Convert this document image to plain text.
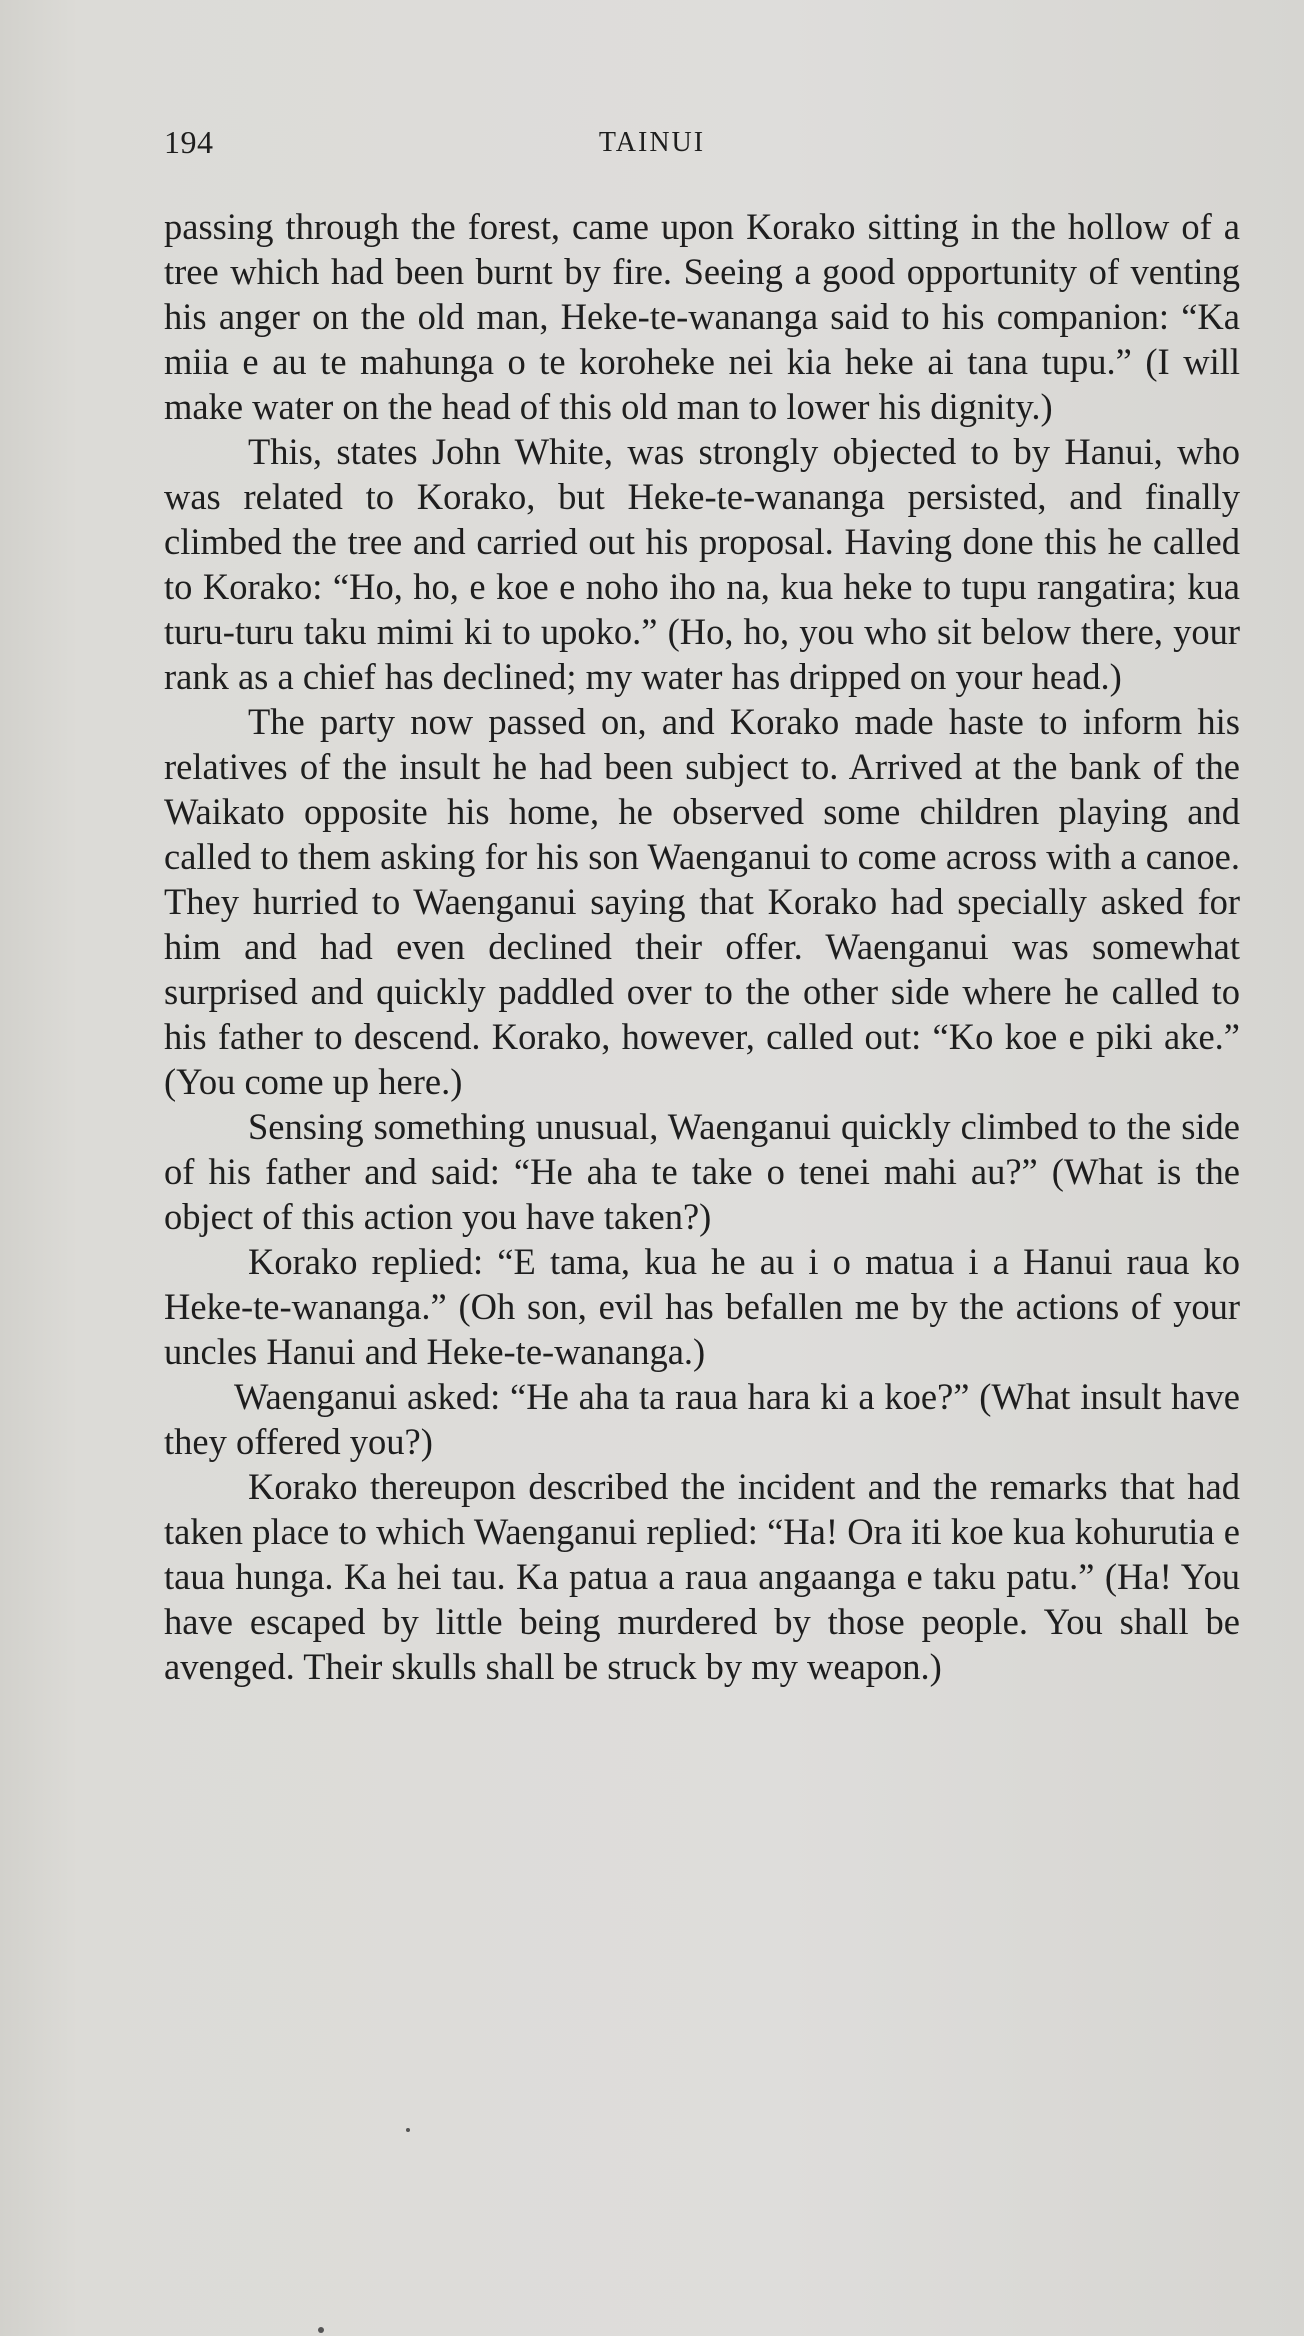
194	TAINUI

passing through the forest, came upon Korako sitting in the hollow of a tree which had been burnt by fire. Seeing a good opportunity of venting his anger on the old man, Heke-te-wananga said to his companion: “Ka miia e au te mahunga o te koroheke nei kia heke ai tana tupu.” (I will make water on the head of this old man to lower his dignity.)

This, states John White, was strongly objected to by Hanui, who was related to Korako, but Heke-te-wananga persisted, and finally climbed the tree and carried out his proposal. Having done this he called to Korako: “Ho, ho, e koe e noho iho na, kua heke to tupu rangatira; kua turu-turu taku mimi ki to upoko.” (Ho, ho, you who sit below there, your rank as a chief has declined; my water has dripped on your head.)

The party now passed on, and Korako made haste to inform his relatives of the insult he had been subject to. Arrived at the bank of the Waikato opposite his home, he observed some children playing and called to them asking for his son Waenganui to come across with a canoe. They hurried to Waenganui saying that Korako had specially asked for him and had even declined their offer. Waenganui was somewhat surprised and quickly paddled over to the other side where he called to his father to descend. Korako, however, called out: “Ko koe e piki ake.” (You come up here.)

Sensing something unusual, Waenganui quickly climbed to the side of his father and said: “He aha te take o tenei mahi au?” (What is the object of this action you have taken?)

Korako replied: “E tama, kua he au i o matua i a Hanui raua ko Heke-te-wananga.” (Oh son, evil has befallen me by the actions of your uncles Hanui and Heke-te-wananga.)

Waenganui asked: “He aha ta raua hara ki a koe?” (What insult have they offered you?)

Korako thereupon described the incident and the remarks that had taken place to which Waenganui replied: “Ha! Ora iti koe kua kohurutia e taua hunga. Ka hei tau. Ka patua a raua angaanga e taku patu.” (Ha! You have escaped by little being murdered by those people. You shall be avenged. Their skulls shall be struck by my weapon.)
